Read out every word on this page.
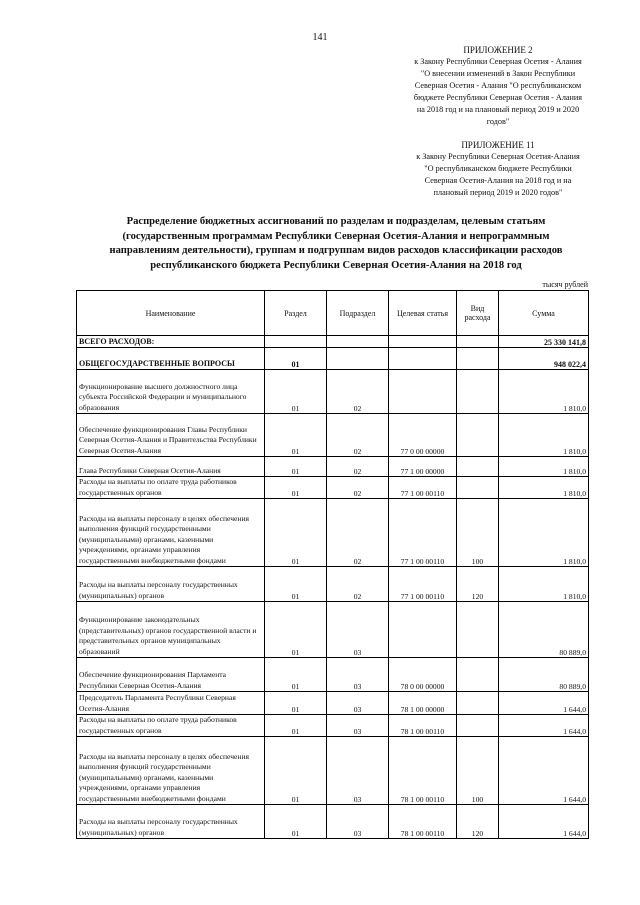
141
ПРИЛОЖЕНИЕ 2
к Закону Республики Северная Осетия - Алания
"О внесении изменений в Закон Республики
Северная Осетия - Алания "О республиканском
бюджете Республики Северная Осетия - Алания
на 2018 год и на плановый период 2019 и 2020
годов"
ПРИЛОЖЕНИЕ 11
к Закону Республики Северная Осетия-Алания
"О республиканском бюджете Республики
Северная Осетия-Алания на 2018 год и на
плановый период 2019 и 2020 годов"
Распределение бюджетных ассигнований по разделам и подразделам, целевым статьям
(государственным программам Республики Северная Осетия-Алания и непрограммным
направлениям деятельности), группам и подгруппам видов расходов классификации расходов
республиканского бюджета Республики Северная Осетия-Алания на 2018 год
тысяч рублей
Наименование	Раздел	Подраздел	Целевая статья	Вид расхода	Сумма
ВСЕГО РАСХОДОВ:					25 330 141,8
ОБЩЕГОСУДАРСТВЕННЫЕ ВОПРОСЫ	01				948 022,4
Функционирование высшего должностного лица субъекта Российской Федерации и муниципального образования	01	02			1 810,0
Обеспечение функционирования Главы Республики Северная Осетия-Алания и Правительства Республики Северная Осетия-Алания	01	02	77 0 00 00000		1 810,0
Глава Республики Северная Осетия-Алания	01	02	77 1 00 00000		1 810,0
Расходы на выплаты по оплате труда работников государственных органов	01	02	77 1 00 00110		1 810,0
Расходы на выплаты персоналу в целях обеспечения выполнения функций государственными (муниципальными) органами, казенными учреждениями, органами управления государственными внебюджетными фондами	01	02	77 1 00 00110	100	1 810,0
Расходы на выплаты персоналу государственных (муниципальных) органов	01	02	77 1 00 00110	120	1 810,0
Функционирование законодательных (представительных) органов государственной власти и представительных органов муниципальных образований	01	03			80 889,0
Обеспечение функционирования Парламента Республики Северная Осетия-Алания	01	03	78 0 00 00000		80 889,0
Председатель Парламента Республики Северная Осетия-Алания	01	03	78 1 00 00000		1 644,0
Расходы на выплаты по оплате труда работников государственных органов	01	03	78 1 00 00110		1 644,0
Расходы на выплаты персоналу в целях обеспечения выполнения функций государственными (муниципальными) органами, казенными учреждениями, органами управления государственными внебюджетными фондами	01	03	78 1 00 00110	100	1 644,0
Расходы на выплаты персоналу государственных (муниципальных) органов	01	03	78 1 00 00110	120	1 644,0
